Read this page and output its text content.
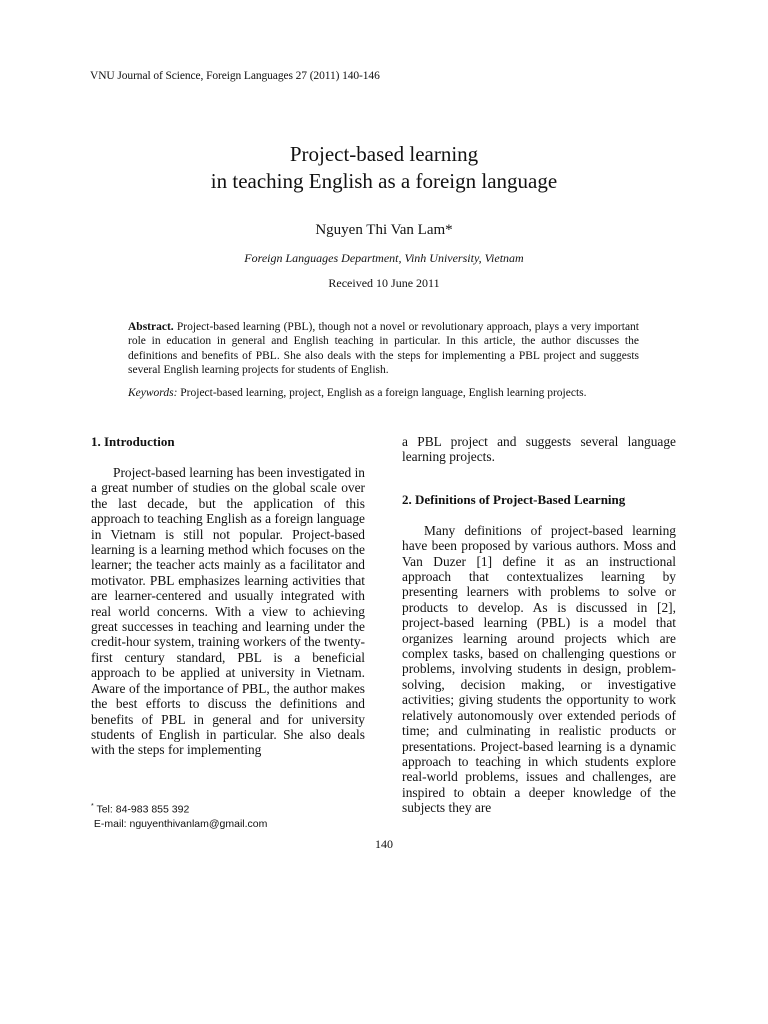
VNU Journal of Science, Foreign Languages 27 (2011) 140-146
Project-based learning
in teaching English as a foreign language
Nguyen Thi Van Lam*
Foreign Languages Department, Vinh University, Vietnam
Received 10 June 2011
Abstract. Project-based learning (PBL), though not a novel or revolutionary approach, plays a very important role in education in general and English teaching in particular. In this article, the author discusses the definitions and benefits of PBL. She also deals with the steps for implementing a PBL project and suggests several English learning projects for students of English.
Keywords: Project-based learning, project, English as a foreign language, English learning projects.
1. Introduction
Project-based learning has been investigated in a great number of studies on the global scale over the last decade, but the application of this approach to teaching English as a foreign language in Vietnam is still not popular. Project-based learning is a learning method which focuses on the learner; the teacher acts mainly as a facilitator and motivator. PBL emphasizes learning activities that are learner-centered and usually integrated with real world concerns. With a view to achieving great successes in teaching and learning under the credit-hour system, training workers of the twenty-first century standard, PBL is a beneficial approach to be applied at university in Vietnam. Aware of the importance of PBL, the author makes the best efforts to discuss the definitions and benefits of PBL in general and for university students of English in particular. She also deals with the steps for implementing
a PBL project and suggests several language learning projects.
2. Definitions of Project-Based Learning
Many definitions of project-based learning have been proposed by various authors. Moss and Van Duzer [1] define it as an instructional approach that contextualizes learning by presenting learners with problems to solve or products to develop. As is discussed in [2], project-based learning (PBL) is a model that organizes learning around projects which are complex tasks, based on challenging questions or problems, involving students in design, problem-solving, decision making, or investigative activities; giving students the opportunity to work relatively autonomously over extended periods of time; and culminating in realistic products or presentations. Project-based learning is a dynamic approach to teaching in which students explore real-world problems, issues and challenges, are inspired to obtain a deeper knowledge of the subjects they are
* Tel: 84-983 855 392
E-mail: nguyenthivanlam@gmail.com
140
